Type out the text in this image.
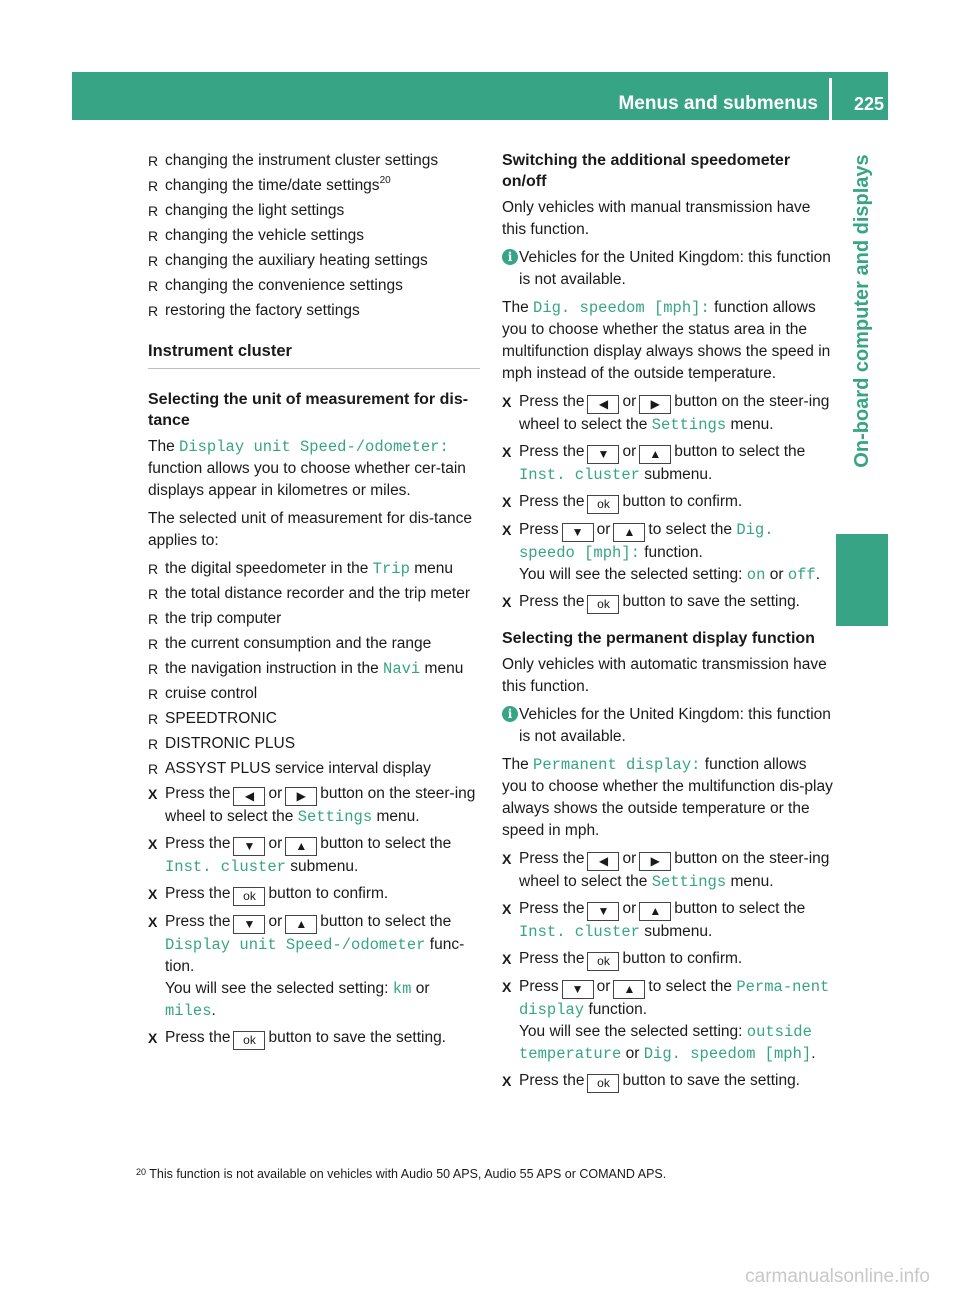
Menus and submenus 225
On-board computer and displays
R changing the instrument cluster settings
R changing the time/date settings$^{20}$
R changing the light settings
R changing the vehicle settings
R changing the auxiliary heating settings
R changing the convenience settings
R restoring the factory settings
Instrument cluster
Selecting the unit of measurement for dis-tance

The Display unit Speed-/odometer: function allows you to choose whether cer-tain displays appear in kilometres or miles.

The selected unit of measurement for dis-tance applies to:

R the digital speedometer in the Trip menu
R the total distance recorder and the trip meter
R the trip computer
R the current consumption and the range
R the navigation instruction in the Navi menu
R cruise control
R SPEEDTRONIC
R DISTRONIC PLUS
R ASSYST PLUS service interval display
X Press the ◀ or ▶ button on the steer-ing wheel to select the Settings menu.
X Press the ▼ or ▲ button to select the Inst. cluster submenu.
X Press the ok button to confirm.
X Press the ▼ or ▲ button to select the Display unit Speed-/odometer func-tion.
You will see the selected setting: km or miles.
X Press the ok button to save the setting.
Switching the additional speedometer on/off

Only vehicles with manual transmission have this function.

i Vehicles for the United Kingdom: this function is not available.

The Dig. speedom [mph]: function allows you to choose whether the status area in the multifunction display always shows the speed in mph instead of the outside temperature.

X Press the ◀ or ▶ button on the steer-ing wheel to select the Settings menu.
X Press the ▼ or ▲ button to select the Inst. cluster submenu.
X Press the ok button to confirm.
X Press ▼ or ▲ to select the Dig. speedo [mph]: function.
You will see the selected setting: on or off.
X Press the ok button to save the setting.
Selecting the permanent display function

Only vehicles with automatic transmission have this function.

i Vehicles for the United Kingdom: this function is not available.

The Permanent display: function allows you to choose whether the multifunction dis-play always shows the outside temperature or the speed in mph.

X Press the ◀ or ▶ button on the steer-ing wheel to select the Settings menu.
X Press the ▼ or ▲ button to select the Inst. cluster submenu.
X Press the ok button to confirm.
X Press ▼ or ▲ to select the Perma-nent display function.
You will see the selected setting: outside temperature or Dig. speedom [mph].
X Press the ok button to save the setting.
$^{20}$ This function is not available on vehicles with Audio 50 APS, Audio 55 APS or COMAND APS.
carmanualsonline.info
